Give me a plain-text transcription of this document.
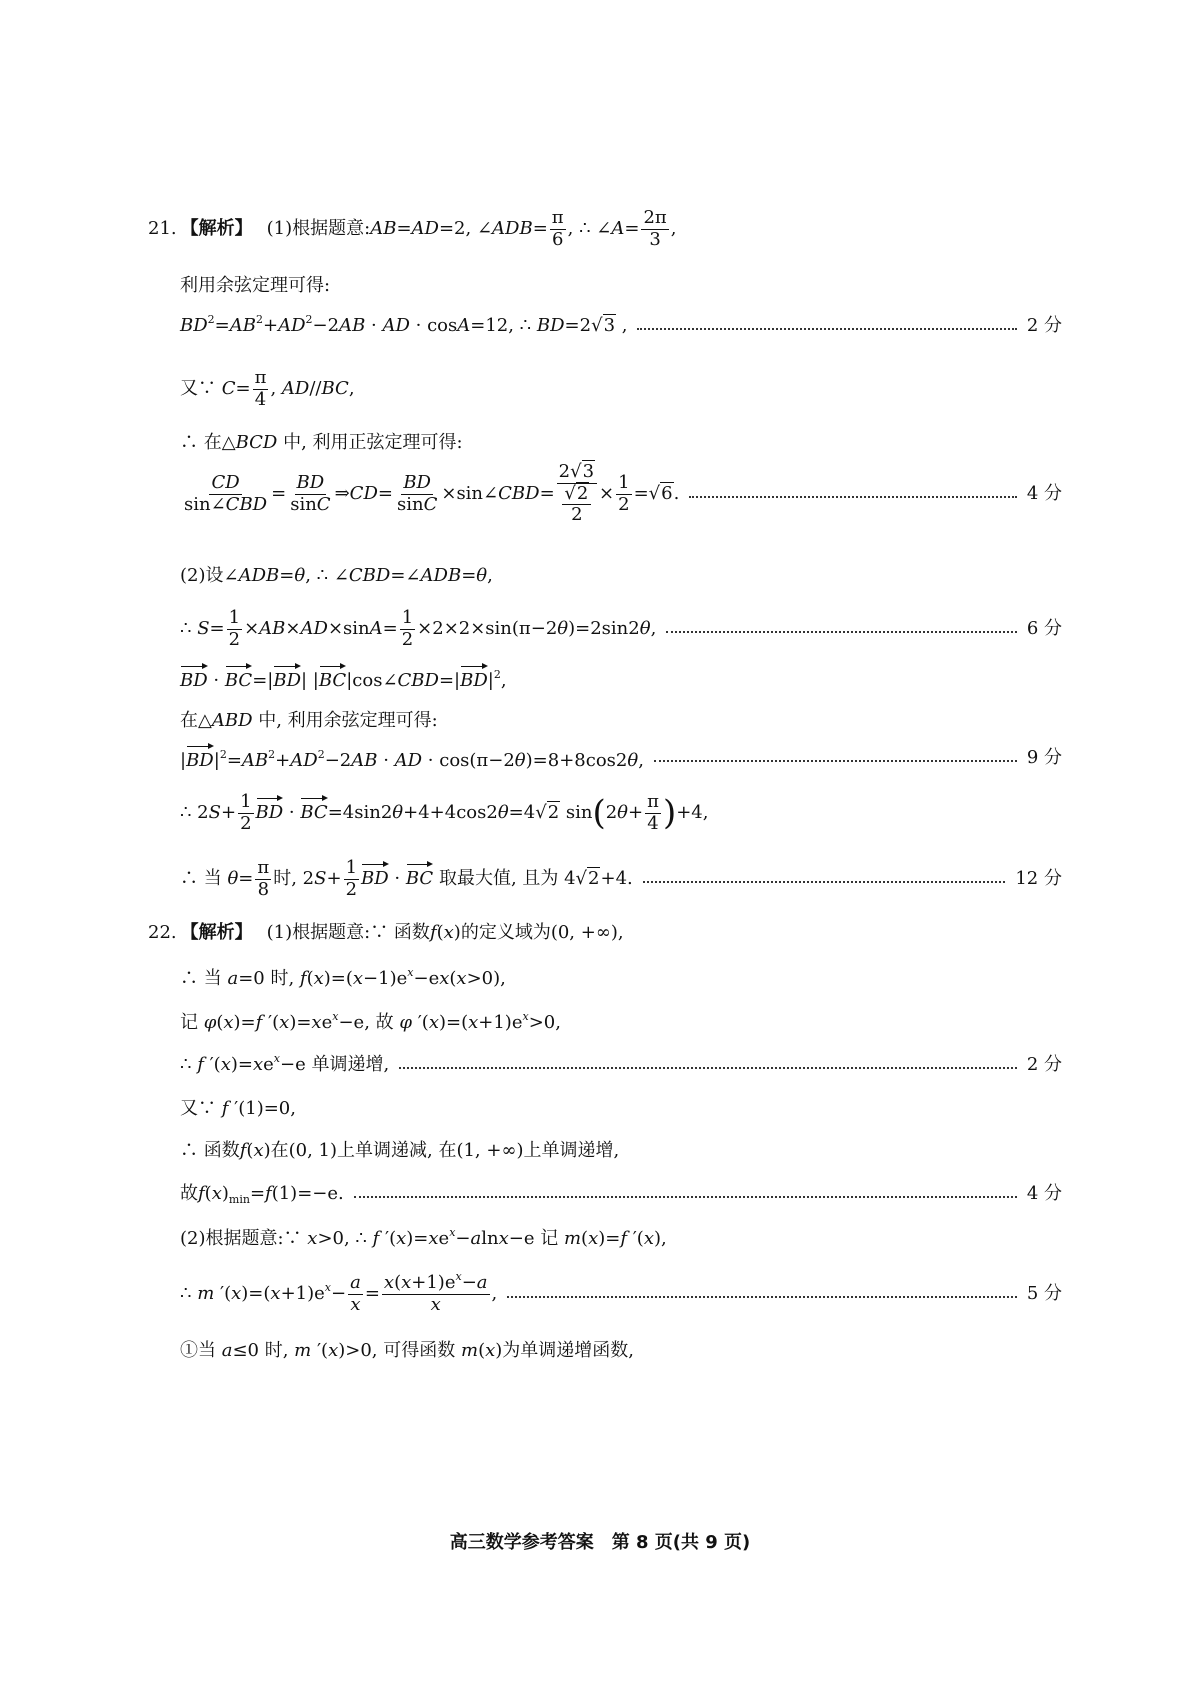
21. 【解析】 (1)根据题意:AB=AD=2, ∠ADB= $\frac{\pi}{6}$ , ∴ ∠A= $\frac{2\pi}{3}$ ,
利用余弦定理可得:
$BD^2=AB^2+AD^2-2AB$ · AD · cosA=12, ∴ BD=2√3 ,	2 分
又∵ $C= \frac{\pi}{4}$ , AD//BC,
∴ 在△BCD 中, 利用正弦定理可得:
$\frac{CD}{\text{sin∠CBD}} = \frac{BD}{\sin C}$ ⇒CD= $\frac{BD}{\sin C}$ ×sin∠CBD= $\frac{2√3}{\frac{√2}{2}} \times \frac{1}{2} =√6$.	4 分
(2)设∠ADB=θ, ∴ ∠CBD=∠ADB=θ,
∴ $S= \frac{1}{2} \times AB\times AD\times\sin A= \frac{1}{2} \times 2\times 2\times\sin(\pi-2\theta)=2\sin 2\theta$,	6 分
BD · BC=|BD| $|BC|\cos\angle CBD=|BD|^2$,
在△ABD 中, 利用余弦定理可得:
$|BD|^2=AB^2+AD^2-2AB$ · AD · cos(π−2θ)=8+8cos2θ,	9 分
∴ $2S+ \frac{1}{2}$ BD · BC=4sin2θ+4+4cos2θ=4√2 $\sin(2\theta+ \frac{\pi}{4} )+4$,
∴ 当 $\theta= \frac{\pi}{8}$ 时, $2S+ \frac{1}{2}$ BD · BC 取最大值, 且为 4√2+4.	12 分
22. 【解析】 (1)根据题意:∵ 函数f(x)的定义域为(0, +∞),
∴ 当 a=0 时, $f(x)=(x-1)e^x-ex(x>0)$,
记 φ(x)=f $'(x)=xe^x-e$, 故 φ $'(x)=(x+1)e^x>0$,
∴ f $'(x)=xe^x-e$ 单调递增,	2 分
又∵ f ′(1)=0,
∴ 函数f(x)在(0, 1)上单调递减, 在(1, +∞)上单调递增,
故$f(x)_{min}=f(1)=-e$.	4 分
(2)根据题意:∵ x>0, ∴ f $'(x)=xe^x-alnx-e$ 记 m(x)=f ′(x),
∴ m $'(x)=(x+1)e^x- \frac{a}{x} = \frac{x(x+1)e^x-a}{x}$ ,	5 分
①当 a≤0 时, m ′(x)>0, 可得函数 m(x)为单调递增函数,
高三数学参考答案　第 8 页(共 9 页)
